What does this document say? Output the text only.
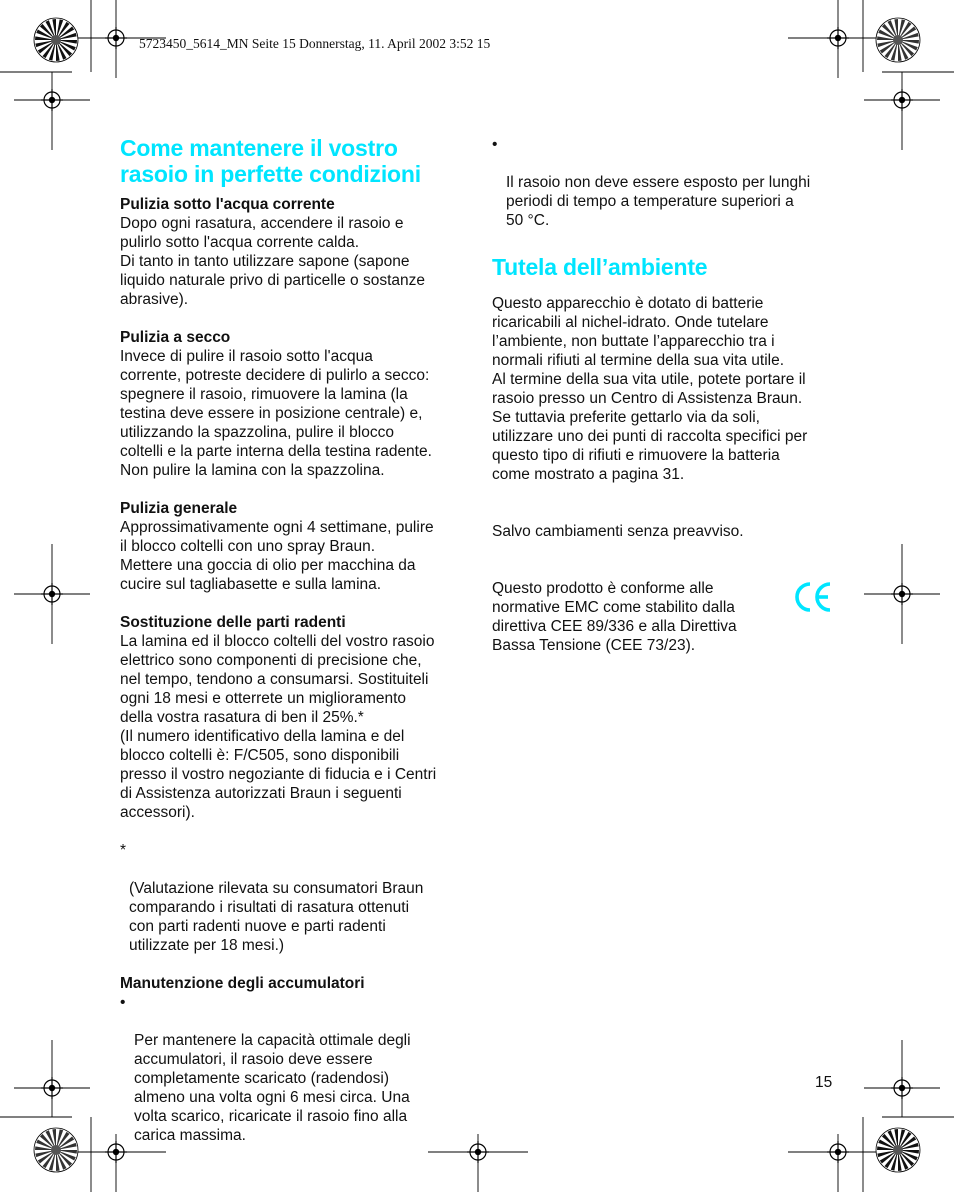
5723450_5614_MN Seite 15 Donnerstag, 11. April 2002 3:52 15
Come mantenere il vostro
rasoio in perfette condizioni
Pulizia sotto l'acqua corrente
Dopo ogni rasatura, accendere il rasoio e
pulirlo sotto l'acqua corrente calda.
Di tanto in tanto utilizzare sapone (sapone
liquido naturale privo di particelle o sostanze
abrasive).
Pulizia a secco
Invece di pulire il rasoio sotto l'acqua
corrente, potreste decidere di pulirlo a secco:
spegnere il rasoio, rimuovere la lamina (la
testina deve essere in posizione centrale) e,
utilizzando la spazzolina, pulire il blocco
coltelli e la parte interna della testina radente.
Non pulire la lamina con la spazzolina.
Pulizia generale
Approssimativamente ogni 4 settimane, pulire
il blocco coltelli con uno spray Braun.
Mettere una goccia di olio per macchina da
cucire sul tagliabasette e sulla lamina.
Sostituzione delle parti radenti
La lamina ed il blocco coltelli del vostro rasoio
elettrico sono componenti di precisione che,
nel tempo, tendono a consumarsi. Sostituiteli
ogni 18 mesi e otterrete un miglioramento
della vostra rasatura di ben il 25%.*
(Il numero identificativo della lamina e del
blocco coltelli è: F/C505, sono disponibili
presso il vostro negoziante di fiducia e i Centri
di Assistenza autorizzati Braun i seguenti
accessori).

*

(Valutazione rilevata su consumatori Braun
comparando i risultati di rasatura ottenuti
con parti radenti nuove e parti radenti
utilizzate per 18 mesi.)

Manutenzione degli accumulatori

•

Per mantenere la capacità ottimale degli
accumulatori, il rasoio deve essere
completamente scaricato (radendosi)
almeno una volta ogni 6 mesi circa. Una
volta scarico, ricaricate il rasoio fino alla
carica massima.

•

Il rasoio non deve essere esposto per lunghi
periodi di tempo a temperature superiori a
50 °C.

Tutela dell’ambiente
Questo apparecchio è dotato di batterie
ricaricabili al nichel-idrato. Onde tutelare
l’ambiente, non buttate l’apparecchio tra i
normali rifiuti al termine della sua vita utile.
Al termine della sua vita utile, potete portare il
rasoio presso un Centro di Assistenza Braun.
Se tuttavia preferite gettarlo via da soli,
utilizzare uno dei punti di raccolta specifici per
questo tipo di rifiuti e rimuovere la batteria
come mostrato a pagina 31.
Salvo cambiamenti senza preavviso.
Questo prodotto è conforme alle
normative EMC come stabilito dalla
direttiva CEE 89/336 e alla Direttiva
Bassa Tensione (CEE 73/23).
15
